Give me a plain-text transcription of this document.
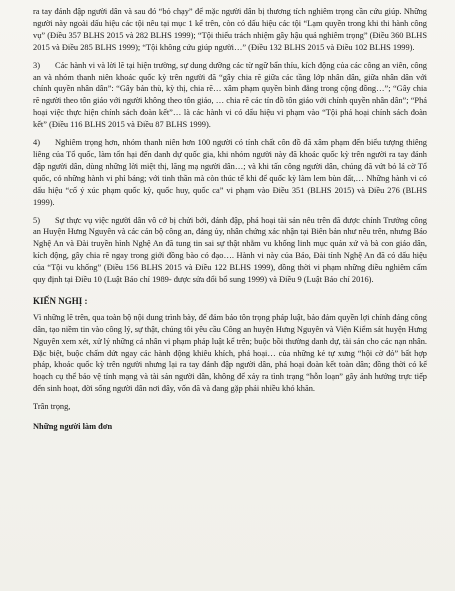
ra tay đánh đập người dân và sau đó “bỏ chạy” để mặc người dân bị thương tích nghiêm trọng cần cứu giúp. Những người này ngoài dấu hiệu các tội nêu tại mục 1 kể trên, còn có dấu hiệu các tội “Lạm quyền trong khi thi hành công vụ” (Điều 357 BLHS 2015 và 282 BLHS 1999); “Tội thiếu trách nhiệm gây hậu quả nghiêm trọng” (Điều 360 BLHS 2015 và Điều 285 BLHS 1999); “Tội không cứu giúp người…” (Điều 132 BLHS 2015 và Điều 102 BLHS 1999).

3) Các hành vi và lời lẽ tại hiện trường, sự dung dưỡng các từ ngữ bẩn thỉu, kích động của các công an viên, công an và nhóm thanh niên khoác quốc kỳ trên người đã “gây chia rẽ giữa các tầng lớp nhân dân, giữa nhân dân với chính quyền nhân dân”: “Gây bản thù, kỳ thị, chia rẽ… xâm phạm quyền bình đẳng trong cộng đồng…”; “Gây chia rẽ người theo tôn giáo với người không theo tôn giáo, … chia rẽ các tín đồ tôn giáo với chính quyền nhân dân”; “Phá hoại việc thực hiện chính sách đoàn kết”… là các hành vi có dấu hiệu vi phạm vào “Tội phá hoại chính sách đoàn kết” (Điều 116 BLHS 2015 và Điều 87 BLHS 1999).

4) Nghiêm trọng hơn, nhóm thanh niên hơn 100 người có tính chất côn đồ đã xâm phạm đến biểu tượng thiêng liêng của Tổ quốc, làm tổn hại đến danh dự quốc gia, khi nhóm người này đã khoác quốc kỳ trên người ra tay đánh đập người dân, dùng những lời miệt thị, lăng mạ người dân…; và khi tấn công người dân, chúng đã vứt bỏ lá cờ Tổ quốc, có những hành vi phỉ báng; với tinh thần mà còn thúc tế khi để quốc kỳ làm lem bùn đất,… Những hành vi có dấu hiệu “cố ý xúc phạm quốc kỳ, quốc huy, quốc ca” vi phạm vào Điều 351 (BLHS 2015) và Điều 276 (BLHS 1999).

5) Sự thực vụ việc người dân vô cớ bị chửi bới, đánh đập, phá hoại tài sản nêu trên đã được chính Trưởng công an Huyện Hưng Nguyên và các cán bộ công an, đảng ủy, nhân chứng xác nhận tại Biên bản như nêu trên, nhưng Báo Nghệ An và Đài truyền hình Nghệ An đã tung tin sai sự thật nhằm vu khống linh mục quản xứ và bà con giáo dân, kích động, gây chia rẽ ngay trong giới đồng bào có đạo…. Hành vi này của Báo, Đài tỉnh Nghệ An đã có dấu hiệu của “Tội vu khống” (Điều 156 BLHS 2015 và Điều 122 BLHS 1999), đồng thời vi phạm những điều nghiêm cấm quy định tại Điều 10 (Luật Báo chí 1989- được sửa đổi bổ sung 1999) và Điều 9 (Luật Báo chí 2016).

KIẾN NGHỊ :

Vì những lẽ trên, qua toàn bộ nội dung trình bày, để đảm bảo tôn trọng pháp luật, bảo đảm quyền lợi chính đáng công dân, tạo niềm tin vào công lý, sự thật, chúng tôi yêu cầu Công an huyện Hưng Nguyên và Viện Kiểm sát huyện Hưng Nguyên xem xét, xử lý những cá nhân vi phạm pháp luật kể trên; buộc bồi thường danh dự, tài sản cho các nạn nhân. Đặc biệt, buộc chấm dứt ngay các hành động khiêu khích, phá hoại… của những kẻ tự xưng “hội cờ đỏ” bất hợp pháp, khoác quốc kỳ trên người nhưng lại ra tay đánh đập người dân, phá hoại đoàn kết toàn dân; đồng thời có kế hoạch cụ thể bảo vệ tính mạng và tài sản người dân, không để xảy ra tình trạng “hỗn loạn” gây ảnh hưởng trực tiếp đến sinh hoạt, đời sống người dân nơi đây, vốn đã và đang gặp phải nhiều khó khăn.

Trân trọng,
Những người làm đơn
